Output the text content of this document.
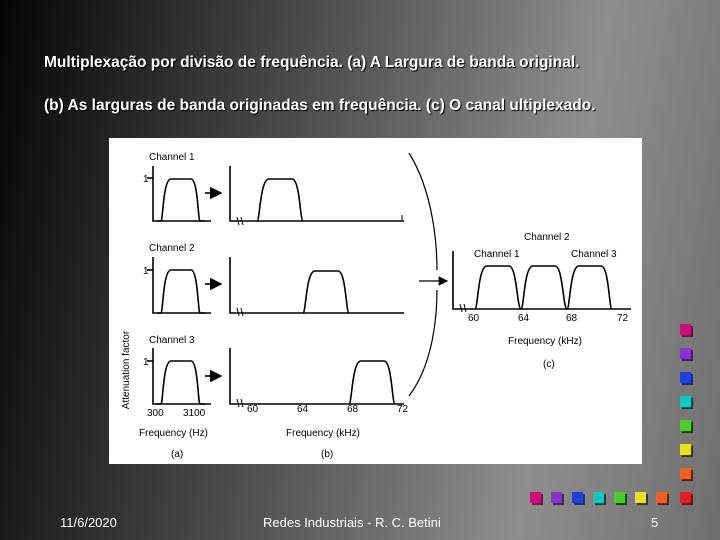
Multiplexação por divisão de frequência. (a) A Largura de banda original.
(b) As larguras de banda originadas em frequência. (c) O canal ultiplexado.
Attenuation factor
Channel 1
1
Channel 2
1
Channel 3
1
300 3100
Frequency (Hz)
(a)
60	64	68	72
Frequency (kHz)
(b)
Channel 2
Channel 1	Channel 3
60	64	68	72
Frequency (kHz)
(c)
11/6/2020	Redes Industriais - R. C. Betini	5
